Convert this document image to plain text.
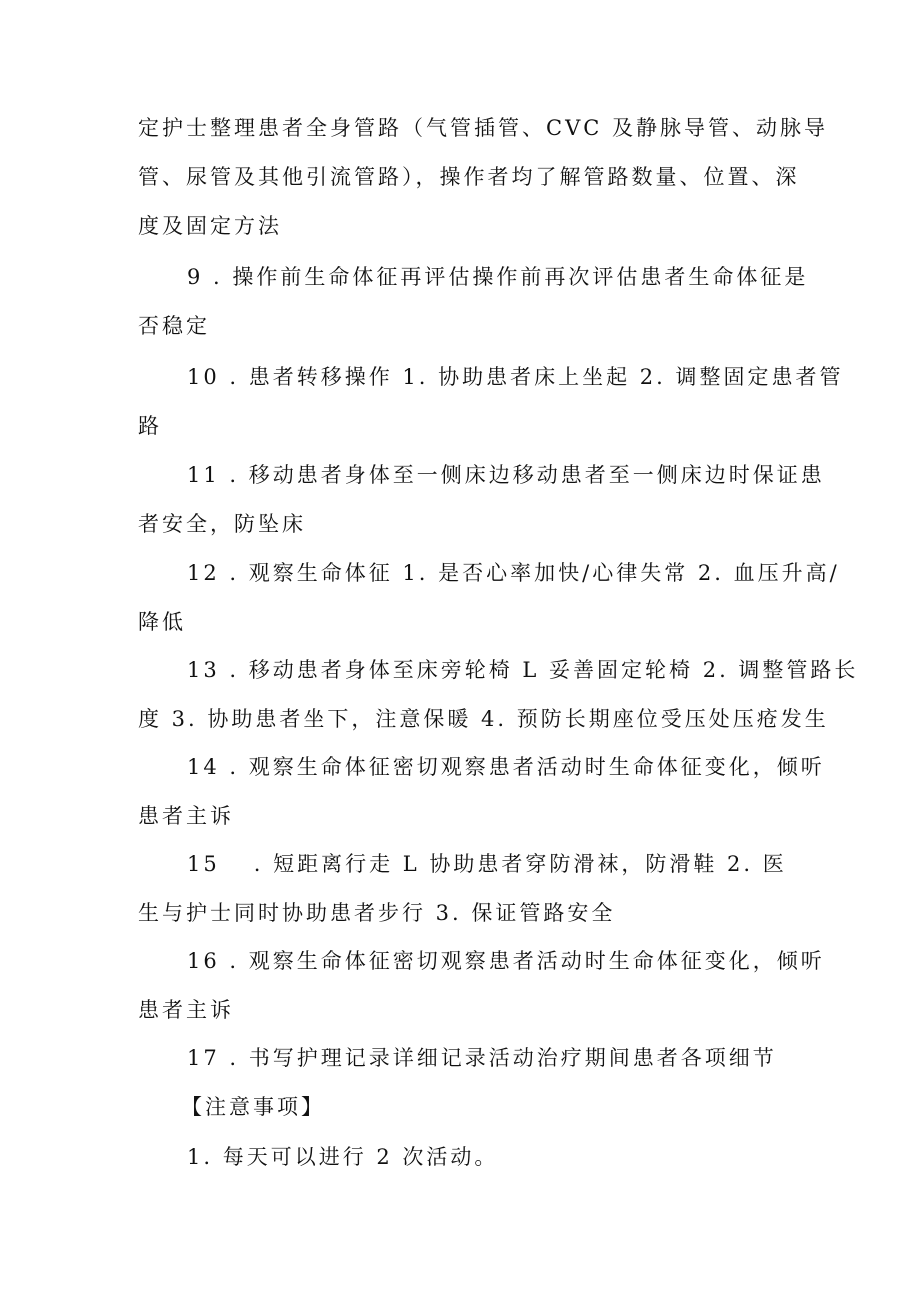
定护士整理患者全身管路（气管插管、CVC 及静脉导管、动脉导
管、尿管及其他引流管路），操作者均了解管路数量、位置、深
度及固定方法
9 . 操作前生命体征再评估操作前再次评估患者生命体征是
否稳定
10 . 患者转移操作 1. 协助患者床上坐起 2. 调整固定患者管
路
11 . 移动患者身体至一侧床边移动患者至一侧床边时保证患
者安全，防坠床
12 . 观察生命体征 1. 是否心率加快/心律失常 2. 血压升高/
降低
13 . 移动患者身体至床旁轮椅 L 妥善固定轮椅 2. 调整管路长
度 3. 协助患者坐下，注意保暖 4. 预防长期座位受压处压疮发生
14 . 观察生命体征密切观察患者活动时生命体征变化，倾听
患者主诉
15 . 短距离行走 L 协助患者穿防滑袜，防滑鞋 2. 医
生与护士同时协助患者步行 3. 保证管路安全
16 . 观察生命体征密切观察患者活动时生命体征变化，倾听
患者主诉
17 . 书写护理记录详细记录活动治疗期间患者各项细节
【注意事项】
1. 每天可以进行 2 次活动。
